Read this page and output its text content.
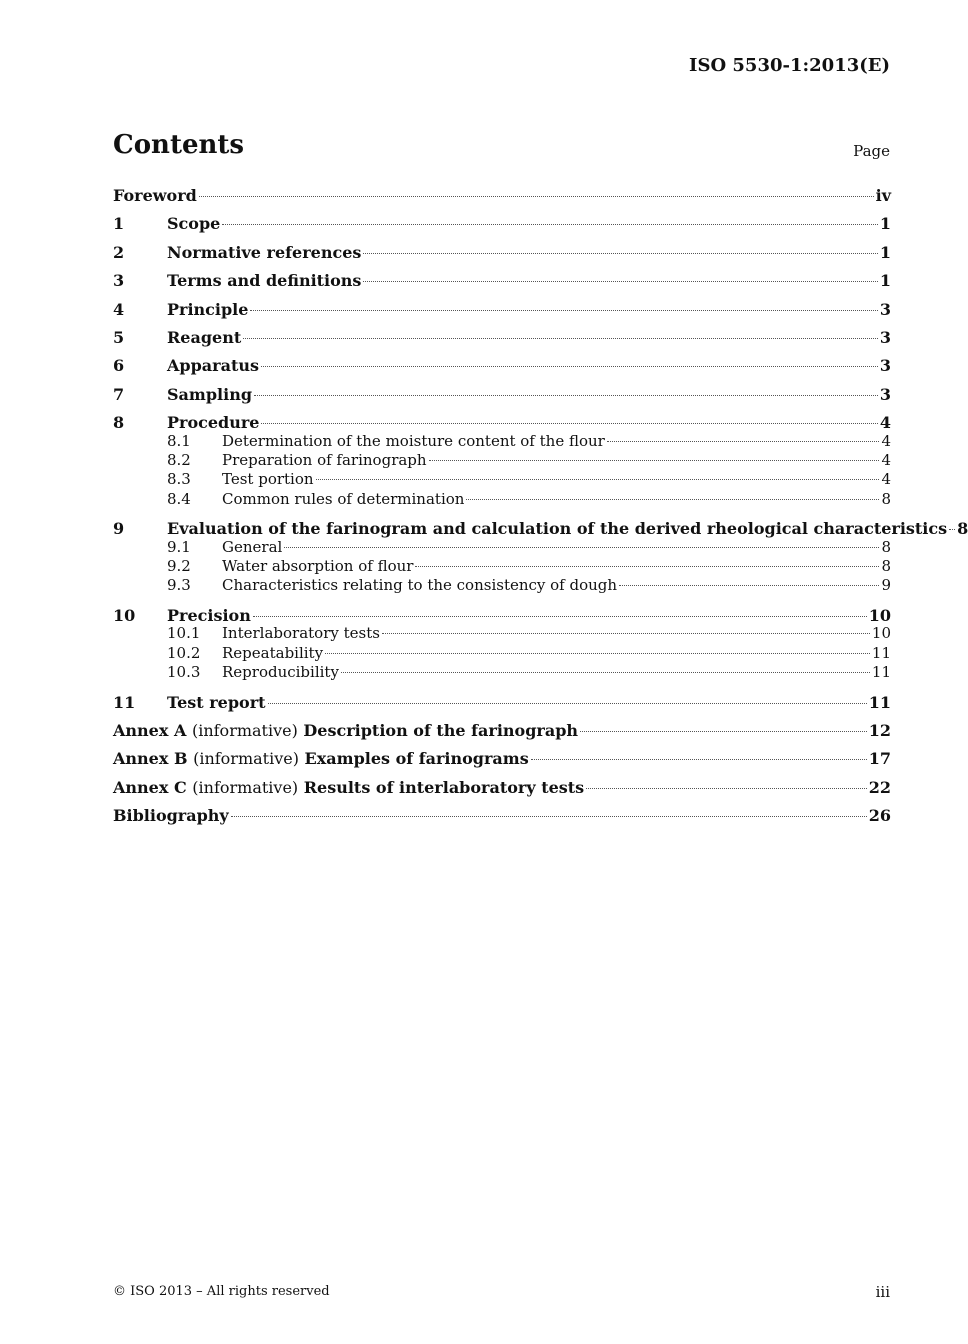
ISO 5530-1:2013(E)
Contents	Page
Foreword	iv
1	Scope	1
2	Normative references	1
3	Terms and definitions	1
4	Principle	3
5	Reagent	3
6	Apparatus	3
7	Sampling	3
8	Procedure	4
8.1	Determination of the moisture content of the flour	4
8.2	Preparation of farinograph	4
8.3	Test portion	4
8.4	Common rules of determination	8
9	Evaluation of the farinogram and calculation of the derived rheological characteristics 8
9.1	General	8
9.2	Water absorption of flour	8
9.3	Characteristics relating to the consistency of dough	9
10	Precision	10
10.1	Interlaboratory tests	10
10.2	Repeatability	11
10.3	Reproducibility	11
11	Test report	11
Annex A (informative) Description of the farinograph	12
Annex B (informative) Examples of farinograms	17
Annex C (informative) Results of interlaboratory tests	22
Bibliography	26
© ISO 2013 – All rights reserved	iii
